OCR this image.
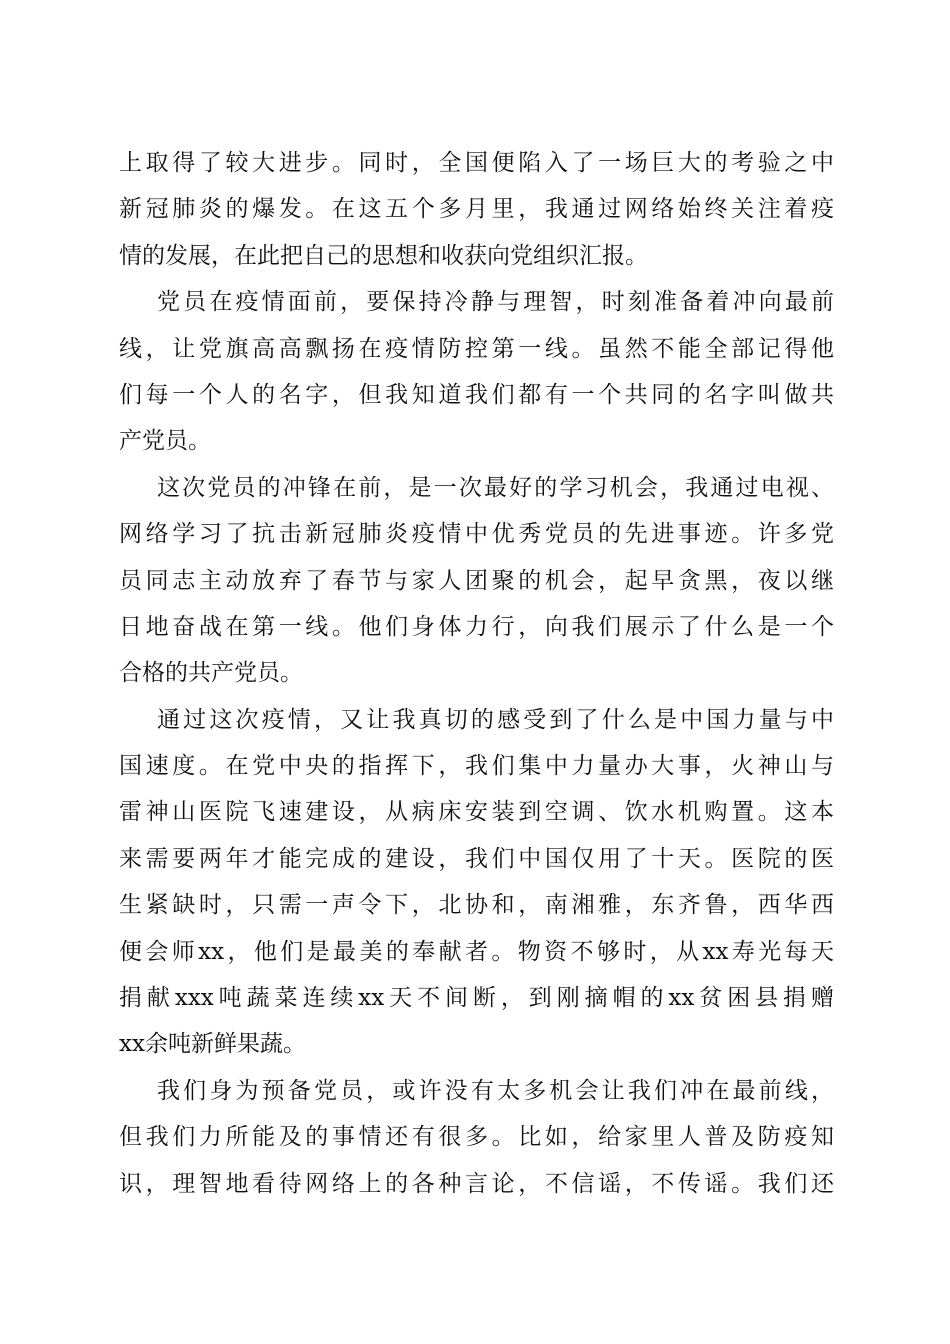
上取得了较大进步。同时，全国便陷入了一场巨大的考验之中
新冠肺炎的爆发。在这五个多月里，我通过网络始终关注着疫
情的发展，在此把自己的思想和收获向党组织汇报。
党员在疫情面前，要保持冷静与理智，时刻准备着冲向最前
线，让党旗高高飘扬在疫情防控第一线。虽然不能全部记得他
们每一个人的名字，但我知道我们都有一个共同的名字叫做共
产党员。
这次党员的冲锋在前，是一次最好的学习机会，我通过电视、
网络学习了抗击新冠肺炎疫情中优秀党员的先进事迹。许多党
员同志主动放弃了春节与家人团聚的机会，起早贪黑，夜以继
日地奋战在第一线。他们身体力行，向我们展示了什么是一个
合格的共产党员。
通过这次疫情，又让我真切的感受到了什么是中国力量与中
国速度。在党中央的指挥下，我们集中力量办大事，火神山与
雷神山医院飞速建设，从病床安装到空调、饮水机购置。这本
来需要两年才能完成的建设，我们中国仅用了十天。医院的医
生紧缺时，只需一声令下，北协和，南湘雅，东齐鲁，西华西
便会师xx，他们是最美的奉献者。物资不够时，从xx寿光每天
捐献xxx吨蔬菜连续xx天不间断，到刚摘帽的xx贫困县捐赠
xx余吨新鲜果蔬。
我们身为预备党员，或许没有太多机会让我们冲在最前线，
但我们力所能及的事情还有很多。比如，给家里人普及防疫知
识，理智地看待网络上的各种言论，不信谣，不传谣。我们还
